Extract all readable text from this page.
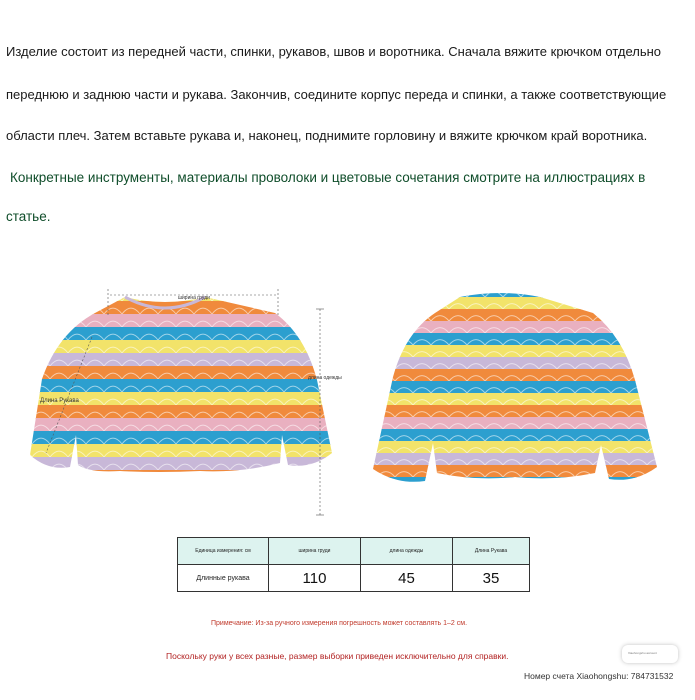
Изделие состоит из передней части, спинки, рукавов, швов и воротника. Сначала вяжите крючком отдельно
переднюю и заднюю части и рукава. Закончив, соедините корпус переда и спинки, а также соответствующие
области плеч. Затем вставьте рукава и, наконец, поднимите горловину и вяжите крючком край воротника.
Конкретные инструменты, материалы проволоки и цветовые сочетания смотрите на иллюстрациях в
статье.
ширина груди
длина одежды
Длина Рукава
Единица измерения: см	ширина груди	длина одежды	Длина Рукава
Длинные рукава	110	45	35
Примечание: Из-за ручного измерения погрешность может составлять 1–2 см.
Поскольку руки у всех разные, размер выборки приведен исключительно для справки.	Xiaohongshu account
Номер счета Xiaohongshu: 784731532
